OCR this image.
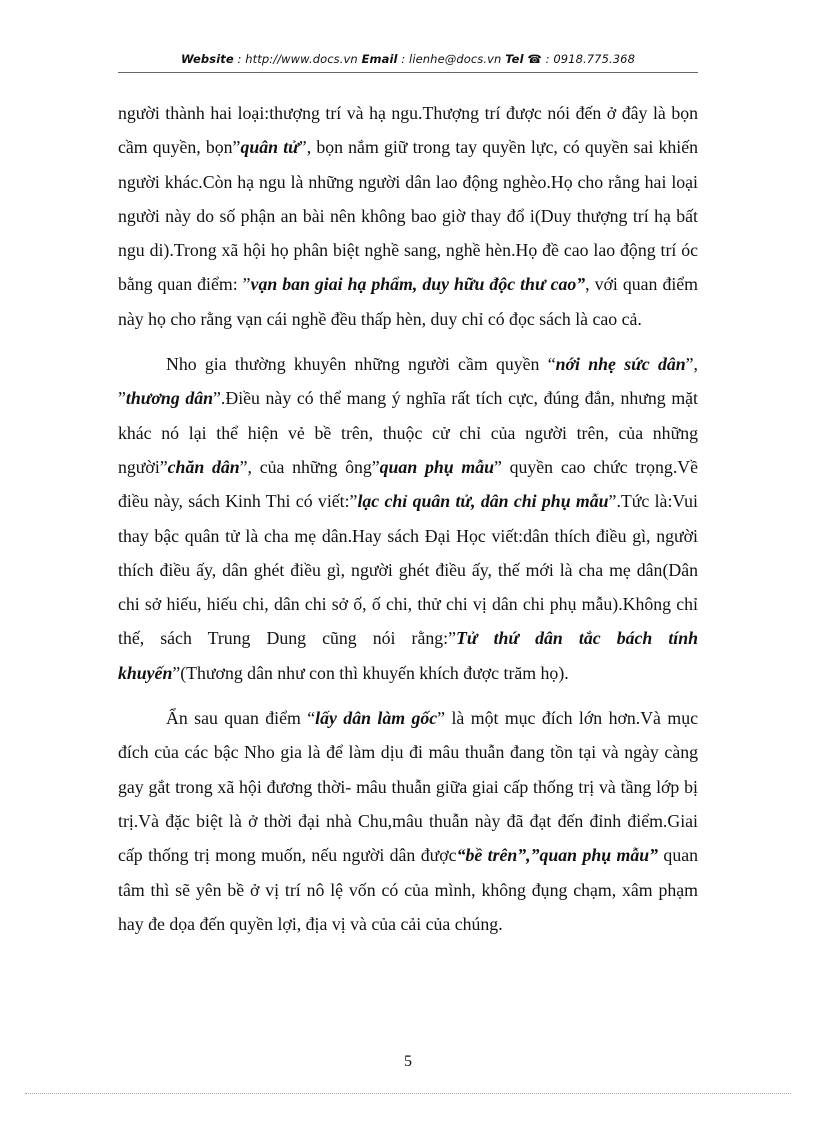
Website : http://www.docs.vn Email : lienhe@docs.vn Tel ☎ : 0918.775.368

người thành hai loại:thượng trí và hạ ngu.Thượng trí được nói đến ở đây là bọn cầm quyền, bọn”quân tử”, bọn nắm giữ trong tay quyền lực, có quyền sai khiến người khác.Còn hạ ngu là những người dân lao động nghèo.Họ cho rằng hai loại người này do số phận an bài nên không bao giờ thay đổ i(Duy thượng trí hạ bất ngu di).Trong xã hội họ phân biệt nghề sang, nghề hèn.Họ đề cao lao động trí óc bằng quan điểm: ”vạn ban giai hạ phẩm, duy hữu độc thư cao”, với quan điểm này họ cho rằng vạn cái nghề đều thấp hèn, duy chỉ có đọc sách là cao cả.

Nho gia thường khuyên những người cầm quyền “nới nhẹ sức dân”, ”thương dân”.Điều này có thể mang ý nghĩa rất tích cực, đúng đắn, nhưng mặt khác nó lại thể hiện vẻ bề trên, thuộc cử chỉ của người trên, của những người”chăn dân”, của những ông”quan phụ mẫu” quyền cao chức trọng.Về điều này, sách Kinh Thi có viết:”lạc chỉ quân tử, dân chi phụ mẫu”.Tức là:Vui thay bậc quân tử là cha mẹ dân.Hay sách Đại Học viết:dân thích điều gì, người thích điều ấy, dân ghét điều gì, người ghét điều ấy, thế mới là cha mẹ dân(Dân chi sở hiếu, hiếu chi, dân chi sở ố, ố chi, thử chi vị dân chi phụ mẫu).Không chỉ thế, sách Trung Dung cũng nói rằng:”Tử thứ dân tắc bách tính khuyến”(Thương dân như con thì khuyến khích được trăm họ).

Ẩn sau quan điểm “lấy dân làm gốc” là một mục đích lớn hơn.Và mục đích của các bậc Nho gia là để làm dịu đi mâu thuẫn đang tồn tại và ngày càng gay gắt trong xã hội đương thời- mâu thuẫn giữa giai cấp thống trị và tầng lớp bị trị.Và đặc biệt là ở thời đại nhà Chu,mâu thuẫn này đã đạt đến đỉnh điểm.Giai cấp thống trị mong muốn, nếu người dân được“bề trên”,”quan phụ mẫu” quan tâm thì sẽ yên bề ở vị trí nô lệ vốn có của mình, không đụng chạm, xâm phạm hay đe dọa đến quyền lợi, địa vị và của cải của chúng.

5
